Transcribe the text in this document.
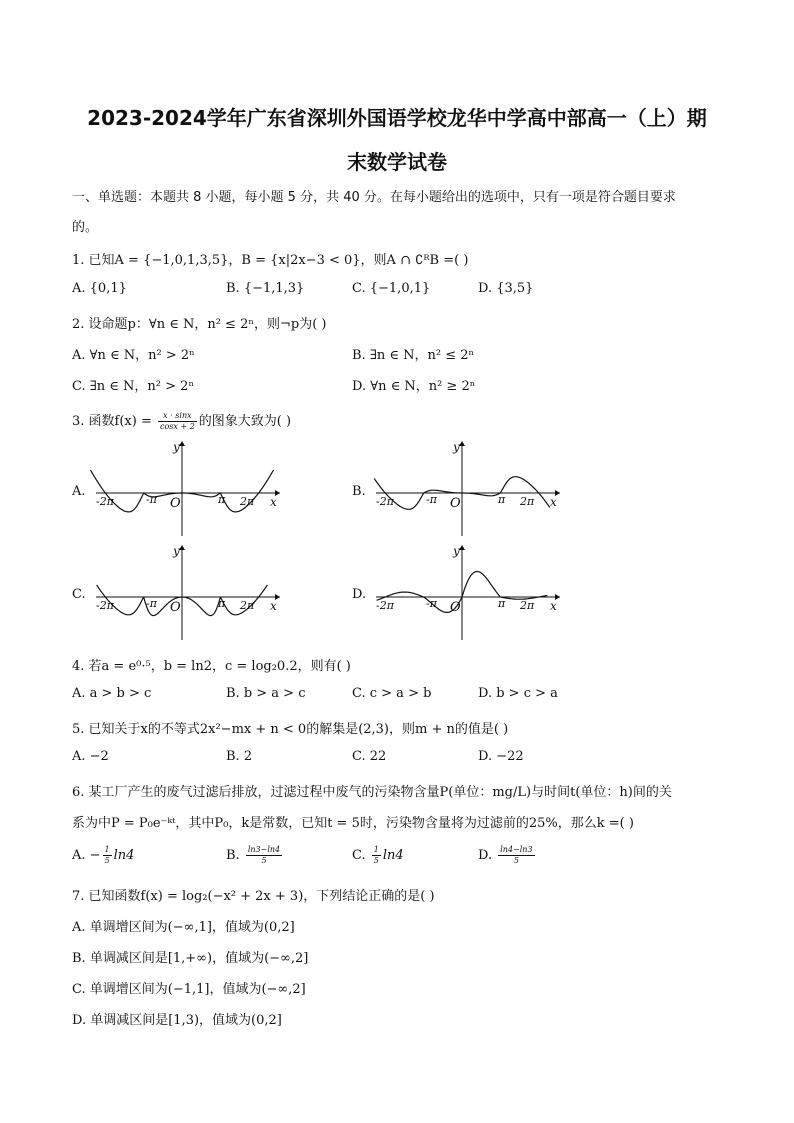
2023-2024学年广东省深圳外国语学校龙华中学高中部高一（上）期
末数学试卷
一、单选题：本题共 8 小题，每小题 5 分，共 40 分。在每小题给出的选项中，只有一项是符合题目要求
的。
1. 已知A = {−1,0,1,3,5}，B = {x|2x−3 < 0}，则A ∩ ∁ᴿB =( )
A. {0,1}	B. {−1,1,3}	C. {−1,0,1}	D. {3,5}
2. 设命题p：∀n ∈ N，n² ≤ 2ⁿ，则¬p为( )
A. ∀n ∈ N，n² > 2ⁿ	B. ∃n ∈ N，n² ≤ 2ⁿ
C. ∃n ∈ N，n² > 2ⁿ	D. ∀n ∈ N，n² ≥ 2ⁿ
3. 函数$f(x) = \frac{x \cdot \sin x}{\cos x + 2}$ 的图象大致为( )
A.	B.
C.	D.
y
x
O
-2π	-π	π 2π
y
x
O
-2π	-π	π 2π
y
x
O
-2π	-π	π 2π
y
x
O
-2π	-π	π 2π
4. 若a = e⁰·⁵，b = ln2，c = log₂0.2，则有( )
A. a > b > c	B. b > a > c	C. c > a > b	D. b > c > a
5. 已知关于x的不等式2x²−mx + n < 0的解集是(2,3)，则m + n的值是( )
A. −2	B. 2	C. 22	D. −22
6. 某工厂产生的废气过滤后排放，过滤过程中废气的污染物含量P(单位：mg/L)与时间t(单位：h)间的关
系为中P = P₀e⁻ᵏᵗ，其中P₀，k是常数，已知t = 5时，污染物含量将为过滤前的25%，那么k =( )
A. − $\frac{1}{5} \ln 4$	B. $\frac{\ln 3-\ln 4}{5}$	C. $\frac{1}{5} \ln 4$	D. $\frac{\ln 4-\ln 3}{5}$
7. 已知函数f(x) = log₂(−x² + 2x + 3)，下列结论正确的是( )
A. 单调增区间为(−∞,1]，值域为(0,2]
B. 单调减区间是[1,+∞)，值域为(−∞,2]
C. 单调增区间为(−1,1]，值域为(−∞,2]
D. 单调减区间是[1,3)，值域为(0,2]
